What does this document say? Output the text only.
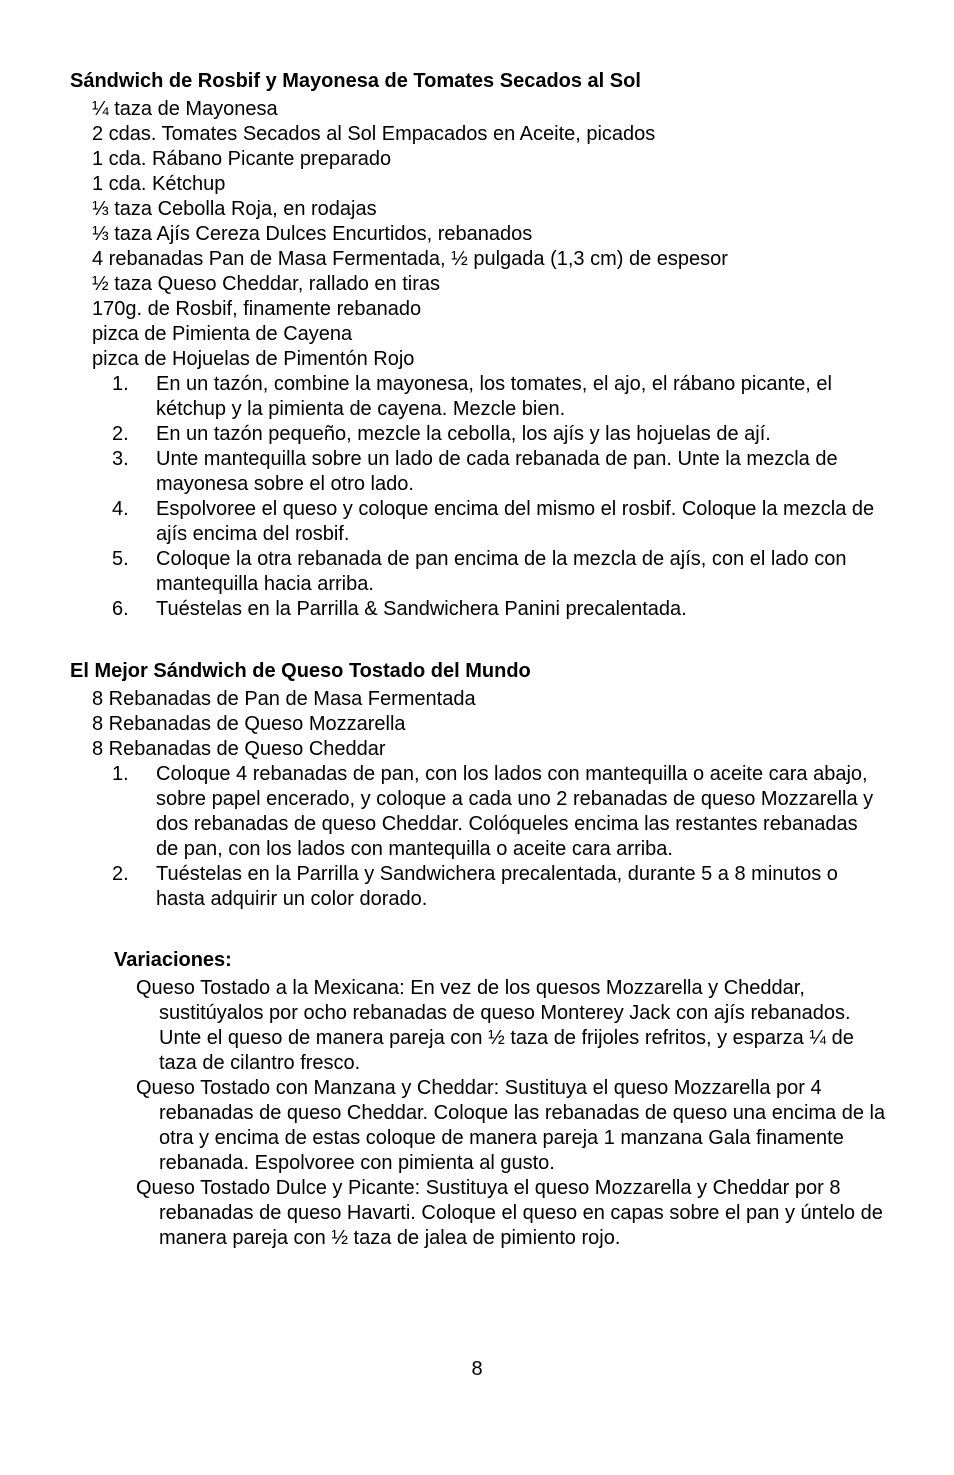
Sándwich de Rosbif y Mayonesa de Tomates Secados al Sol
¼ taza de Mayonesa
2 cdas. Tomates Secados al Sol Empacados en Aceite, picados
1 cda. Rábano Picante preparado
1 cda. Kétchup
⅓ taza Cebolla Roja, en rodajas
⅓ taza Ajís Cereza Dulces Encurtidos, rebanados
4 rebanadas Pan de Masa Fermentada, ½ pulgada (1,3 cm) de espesor
½ taza Queso Cheddar, rallado en tiras
170g. de Rosbif, finamente rebanado
pizca de Pimienta de Cayena
pizca de Hojuelas de Pimentón Rojo
1.	En un tazón, combine la mayonesa, los tomates, el ajo, el rábano picante, el kétchup y la pimienta de cayena. Mezcle bien.
2.	En un tazón pequeño, mezcle la cebolla, los ajís y las hojuelas de ají.
3.	Unte mantequilla sobre un lado de cada rebanada de pan. Unte la mezcla de mayonesa sobre el otro lado.
4.	Espolvoree el queso y coloque encima del mismo el rosbif. Coloque la mezcla de ajís encima del rosbif.
5.	Coloque la otra rebanada de pan encima de la mezcla de ajís, con el lado con mantequilla hacia arriba.
6.	Tuéstelas en la Parrilla & Sandwichera Panini precalentada.
El Mejor Sándwich de Queso Tostado del Mundo
8 Rebanadas de Pan de Masa Fermentada
8 Rebanadas de Queso Mozzarella
8 Rebanadas de Queso Cheddar
1.	Coloque 4 rebanadas de pan, con los lados con mantequilla o aceite cara abajo, sobre papel encerado, y coloque a cada uno 2 rebanadas de queso Mozzarella y dos rebanadas de queso Cheddar. Colóqueles encima las restantes rebanadas de pan, con los lados con mantequilla o aceite cara arriba.
2.	Tuéstelas en la Parrilla y Sandwichera precalentada, durante 5 a 8 minutos o hasta adquirir un color dorado.
Variaciones:
Queso Tostado a la Mexicana: En vez de los quesos Mozzarella y Cheddar, sustitúyalos por ocho rebanadas de queso Monterey Jack con ajís rebanados. Unte el queso de manera pareja con ½ taza de frijoles refritos, y esparza ¼ de taza de cilantro fresco.
Queso Tostado con Manzana y Cheddar: Sustituya el queso Mozzarella por 4 rebanadas de queso Cheddar. Coloque las rebanadas de queso una encima de la otra y encima de estas coloque de manera pareja 1 manzana Gala finamente rebanada. Espolvoree con pimienta al gusto.
Queso Tostado Dulce y Picante: Sustituya el queso Mozzarella y Cheddar por 8 rebanadas de queso Havarti. Coloque el queso en capas sobre el pan y úntelo de manera pareja con ½ taza de jalea de pimiento rojo.
8
